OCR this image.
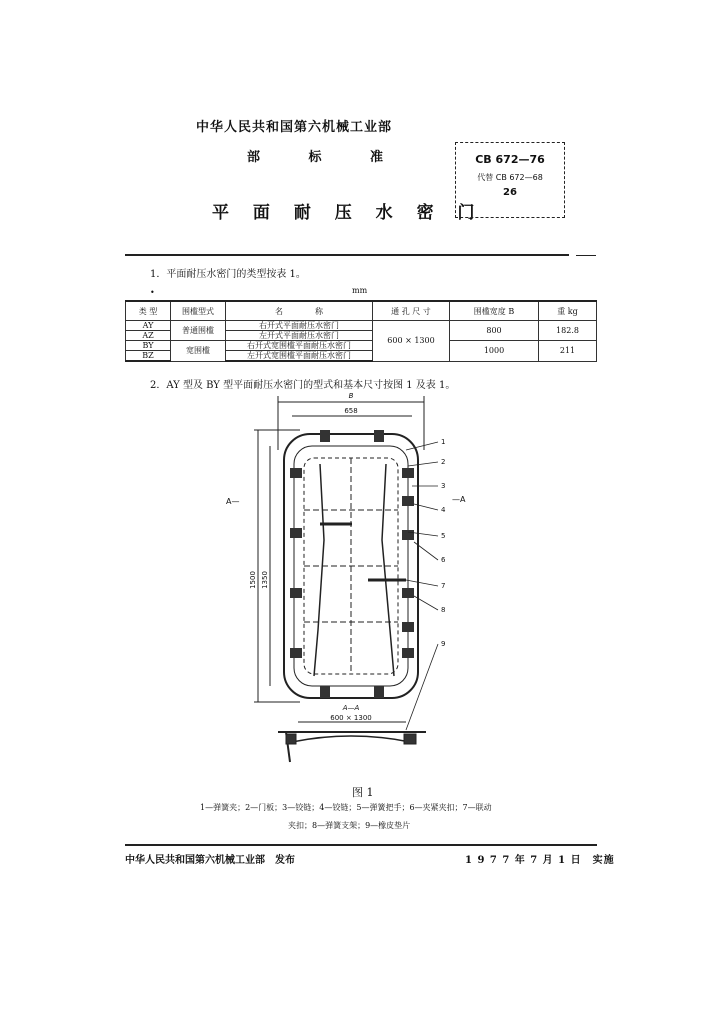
中华人民共和国第六机械工业部
部 标 准
平 面 耐 压 水 密 门
CB 672—76
代替 CB 672—68
26
1．平面耐压水密门的类型按表 1。
•	mm
类 型	围槛型式	名　　　　称	通 孔 尺 寸	围槛宽度 B	重 kg
AY	普通围槛	右开式平面耐压水密门	600 × 1300	800	182.8
AZ		左开式平面耐压水密门			
BY	宽围槛	右开式宽围槛平面耐压水密门		1000	211
BZ		左开式宽围槛平面耐压水密门			
2．AY 型及 BY 型平面耐压水密门的型式和基本尺寸按图 1 及表 1。
B
658
1350
1500
A—	—A
A—A
600 × 1300
1
2
3
4
5
6
7
8
9
图 1
1—弹簧夹；2—门板；3—铰链；4—铰链；5—弹簧把手；6—夹紧夹扣；7—联动
夹扣；8—弹簧支架；9—橡皮垫片
中华人民共和国第六机械工业部　发布	1 9 7 7 年 7 月 1 日　实施
